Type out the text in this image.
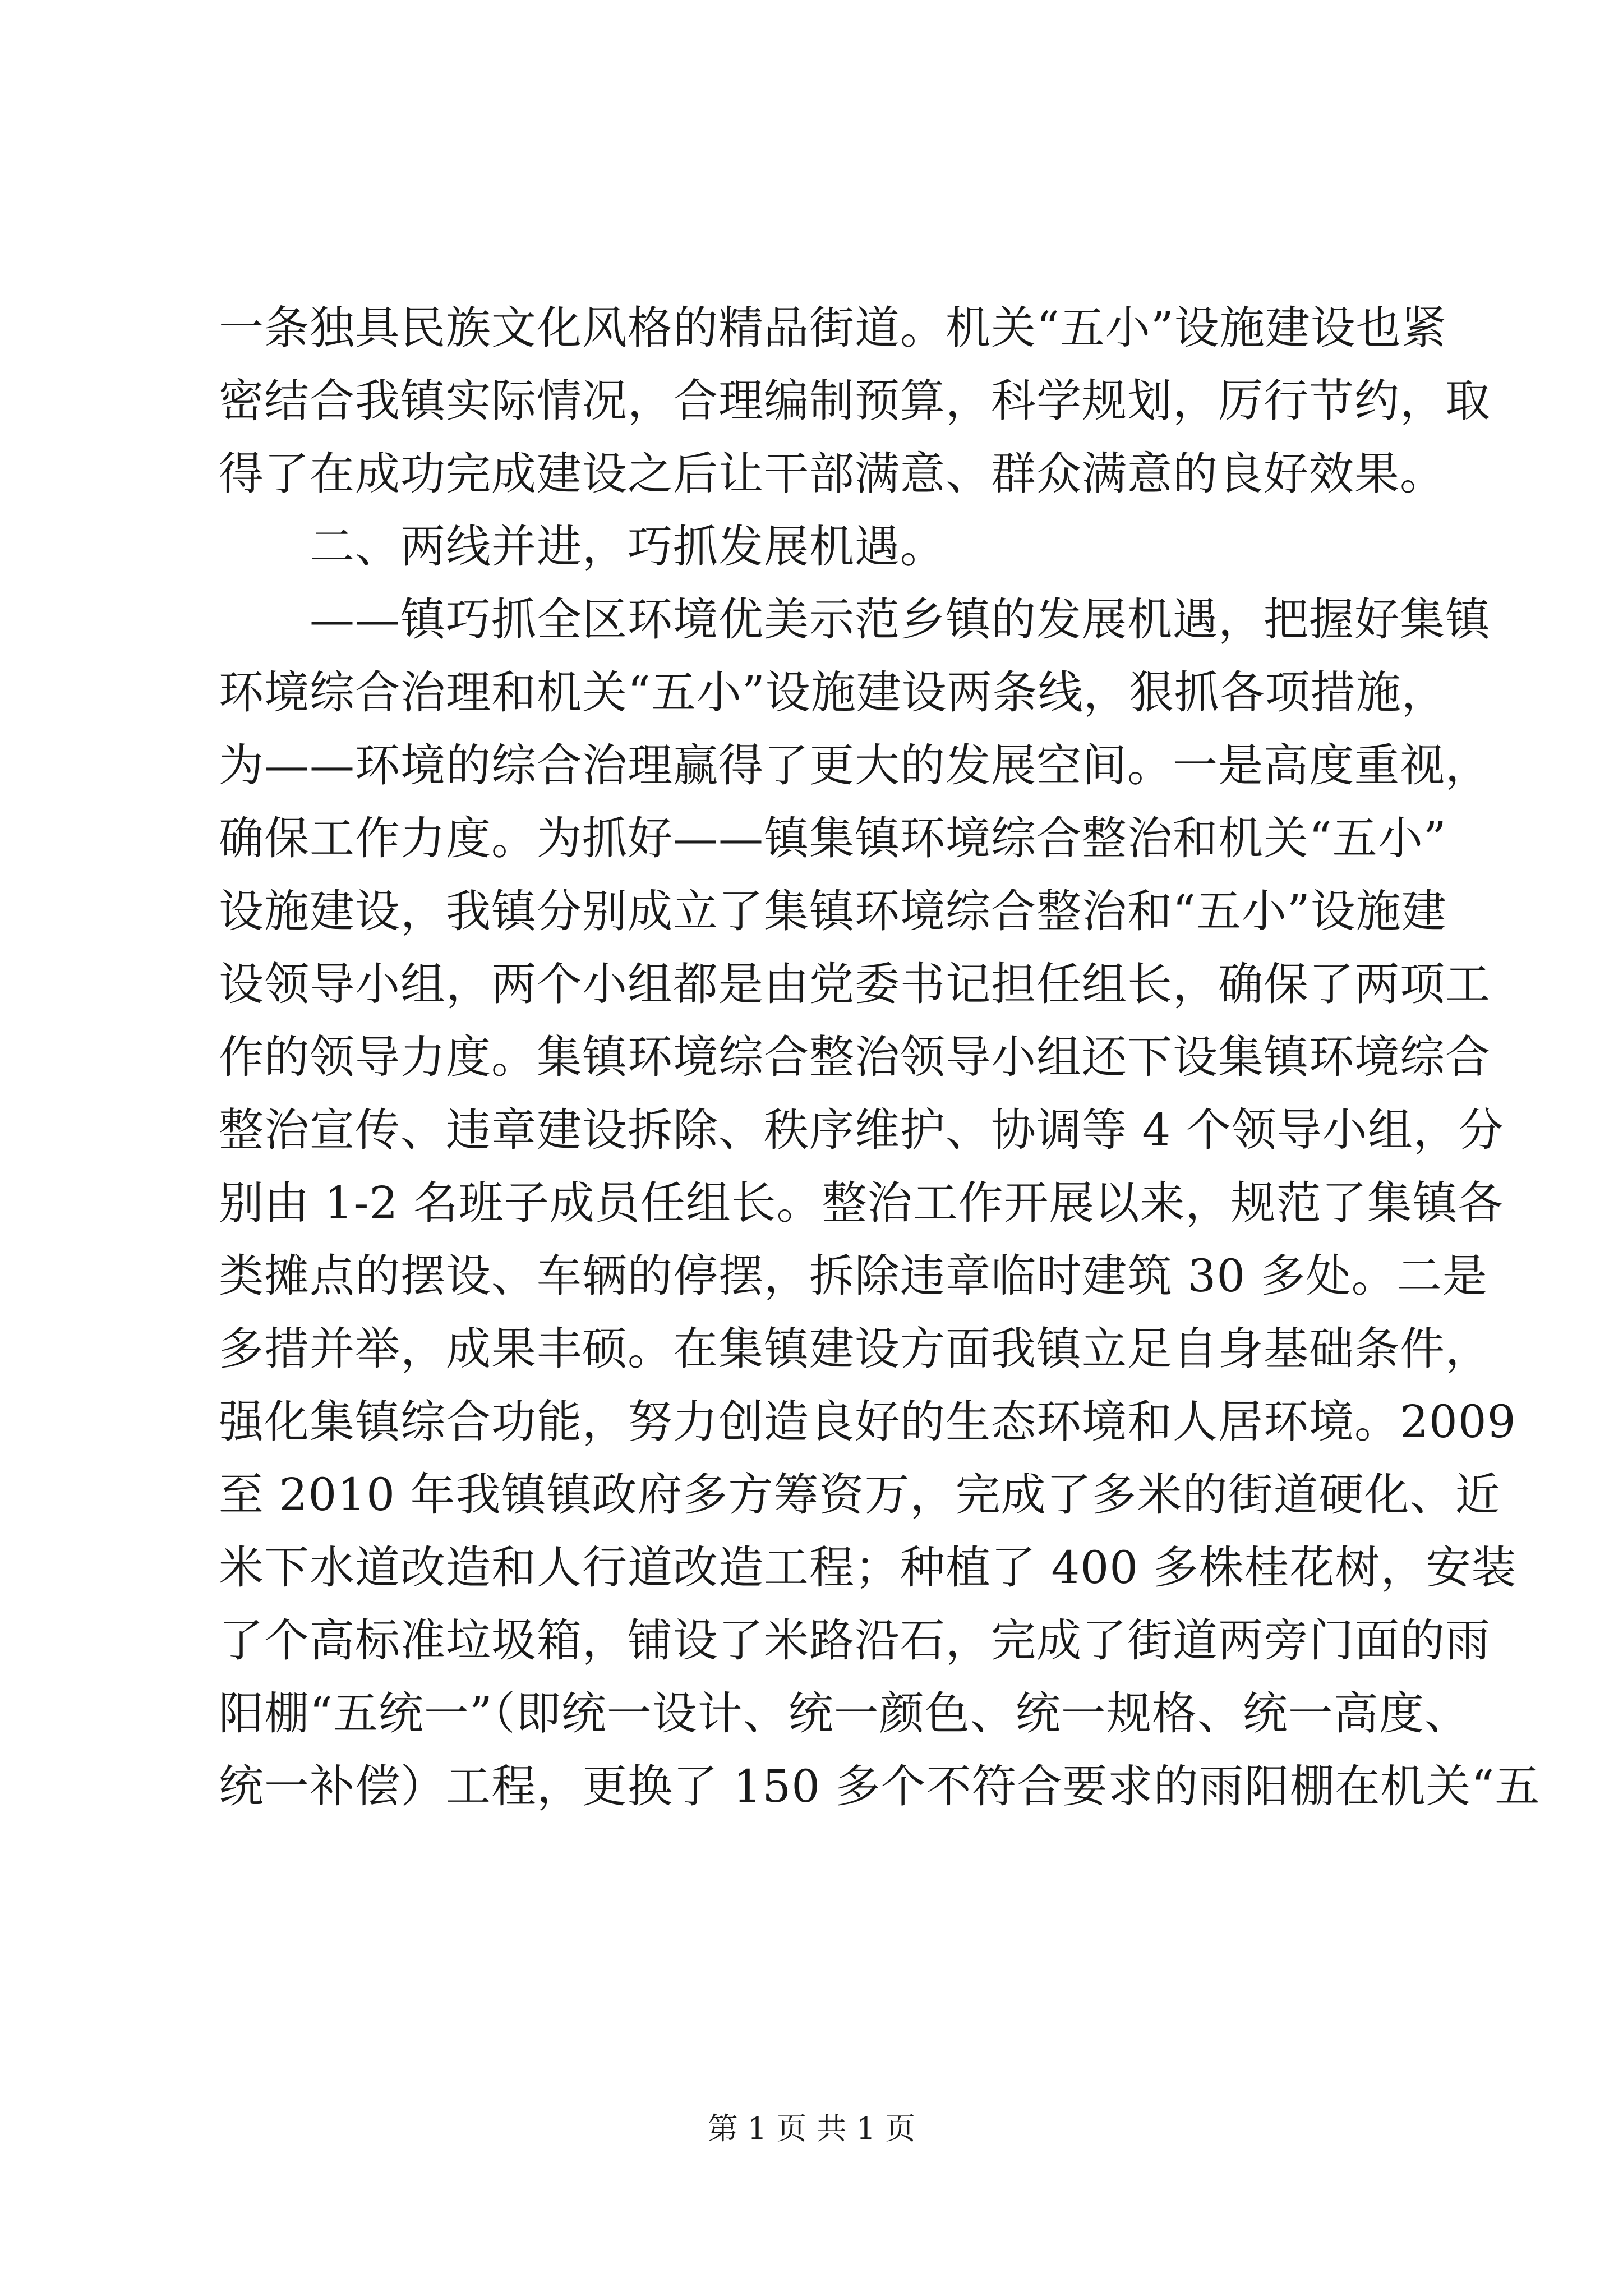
一条独具民族文化风格的精品街道。机关“五小”设施建设也紧
密结合我镇实际情况，合理编制预算，科学规划，厉行节约，取
得了在成功完成建设之后让干部满意、群众满意的良好效果。
　　二、两线并进，巧抓发展机遇。
　　——镇巧抓全区环境优美示范乡镇的发展机遇，把握好集镇
环境综合治理和机关“五小”设施建设两条线，狠抓各项措施，
为——环境的综合治理赢得了更大的发展空间。一是高度重视，
确保工作力度。为抓好——镇集镇环境综合整治和机关“五小”
设施建设，我镇分别成立了集镇环境综合整治和“五小”设施建
设领导小组，两个小组都是由党委书记担任组长，确保了两项工
作的领导力度。集镇环境综合整治领导小组还下设集镇环境综合
整治宣传、违章建设拆除、秩序维护、协调等 4 个领导小组，分
别由 1-2 名班子成员任组长。整治工作开展以来，规范了集镇各
类摊点的摆设、车辆的停摆，拆除违章临时建筑 30 多处。二是
多措并举，成果丰硕。在集镇建设方面我镇立足自身基础条件，
强化集镇综合功能，努力创造良好的生态环境和人居环境。2009
至 2010 年我镇镇政府多方筹资万，完成了多米的街道硬化、近
米下水道改造和人行道改造工程；种植了 400 多株桂花树，安装
了个高标准垃圾箱，铺设了米路沿石，完成了街道两旁门面的雨
阳棚“五统一”（即统一设计、统一颜色、统一规格、统一高度、
统一补偿）工程，更换了 150 多个不符合要求的雨阳棚在机关“五
第 1 页 共 1 页
